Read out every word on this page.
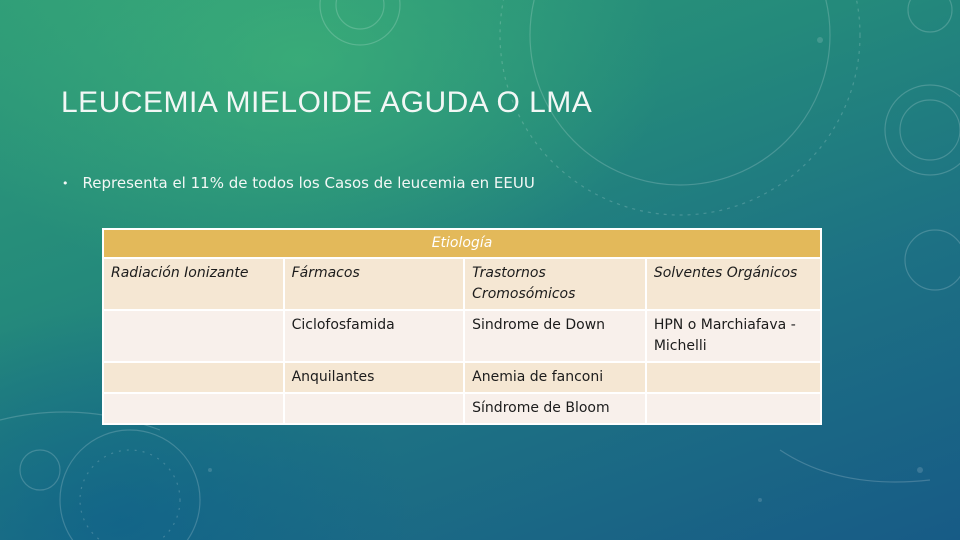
LEUCEMIA MIELOIDE AGUDA O LMA
• Representa el 11% de todos los Casos de leucemia en EEUU
Etiología			
Radiación Ionizante	Fármacos	Trastornos Cromosómicos	Solventes Orgánicos
	Ciclofosfamida	Sindrome de Down	HPN o Marchiafava - Michelli
	Anquilantes	Anemia de fanconi	
		Síndrome de Bloom	
